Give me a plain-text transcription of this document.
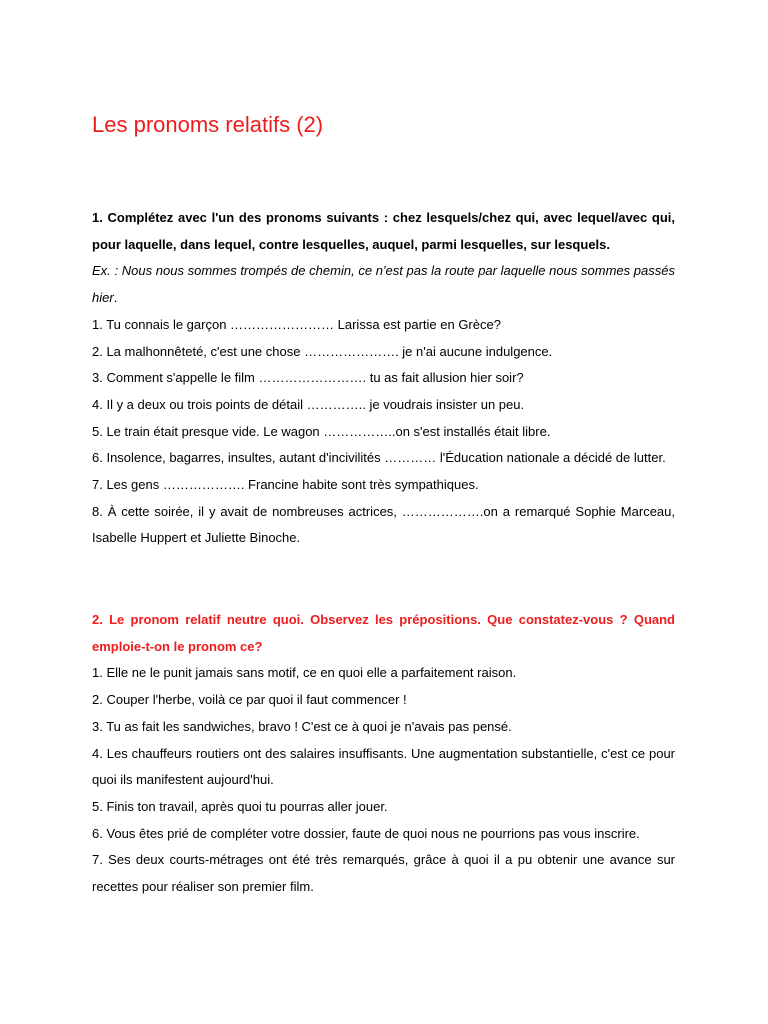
Les pronoms relatifs (2)

1. Complétez avec l'un des pronoms suivants : chez lesquels/chez qui, avec lequel/avec qui, pour laquelle, dans lequel, contre lesquelles, auquel, parmi lesquelles, sur lesquels.

Ex. : Nous nous sommes trompés de chemin, ce n'est pas la route par laquelle nous sommes passés hier.

1. Tu connais le garçon …………………… Larissa est partie en Grèce?

2. La malhonnêteté, c'est une chose …………………. je n'ai aucune indulgence.

3. Comment s'appelle le film ……………………. tu as fait allusion hier soir?

4. Il y a deux ou trois points de détail ………….. je voudrais insister un peu.

5. Le train était presque vide. Le wagon ……………..on s'est installés était libre.

6. Insolence, bagarres, insultes, autant d'incivilités ………… l'Éducation nationale a décidé de lutter.

7. Les gens ………………. Francine habite sont très sympathiques.

8. À cette soirée, il y avait de nombreuses actrices, ……………….on a remarqué Sophie Marceau, Isabelle Huppert et Juliette Binoche.

2. Le pronom relatif neutre quoi. Observez les prépositions. Que constatez-vous ? Quand emploie-t-on le pronom ce?

1. Elle ne le punit jamais sans motif, ce en quoi elle a parfaitement raison.

2. Couper l'herbe, voilà ce par quoi il faut commencer !

3. Tu as fait les sandwiches, bravo ! C'est ce à quoi je n'avais pas pensé.

4. Les chauffeurs routiers ont des salaires insuffisants. Une augmentation substantielle, c'est ce pour quoi ils manifestent aujourd'hui.

5. Finis ton travail, après quoi tu pourras aller jouer.

6. Vous êtes prié de compléter votre dossier, faute de quoi nous ne pourrions pas vous inscrire.

7. Ses deux courts-métrages ont été très remarqués, grâce à quoi il a pu obtenir une avance sur recettes pour réaliser son premier film.
